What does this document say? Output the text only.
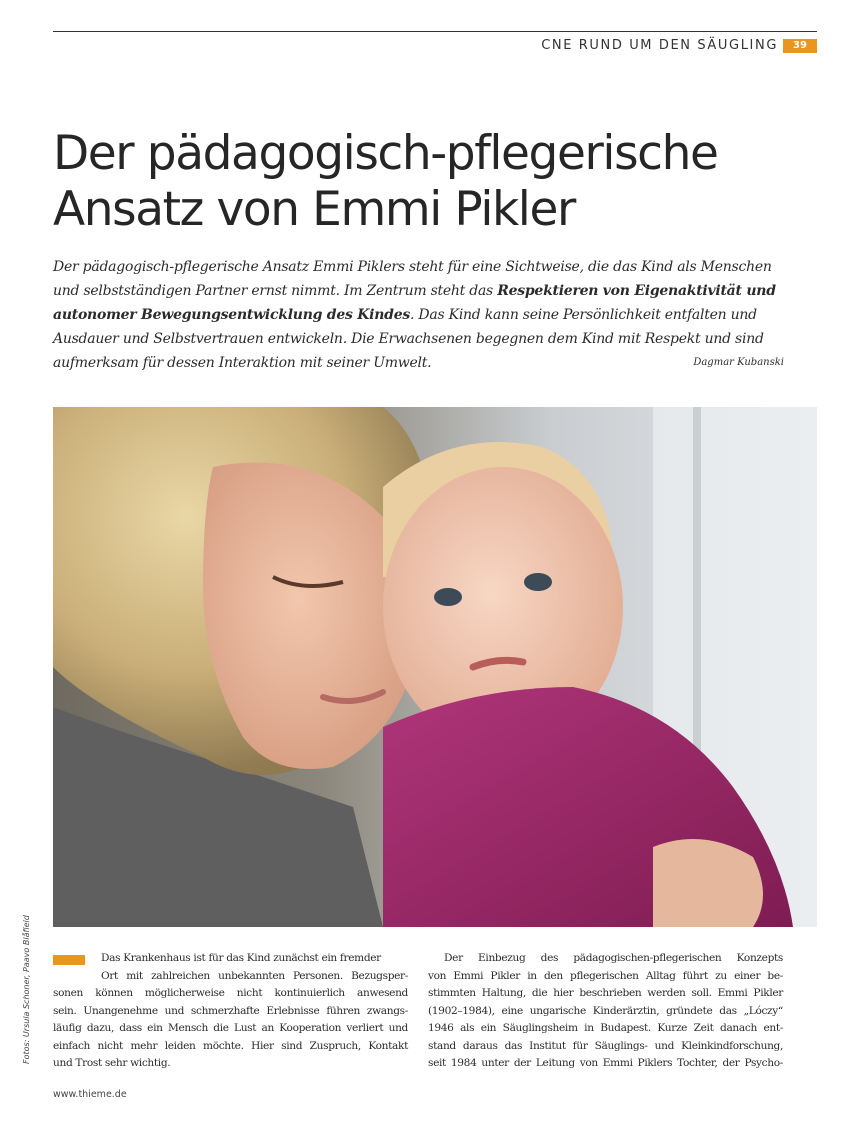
CNE RUND UM DEN SÄUGLING	39
Der pädagogisch-pflegerische
Ansatz von Emmi Pikler

Der pädagogisch-pflegerische Ansatz Emmi Piklers steht für eine Sichtweise, die das Kind als Menschen
und selbstständigen Partner ernst nimmt. Im Zentrum steht das Respektieren von Eigenaktivität und
autonomer Bewegungsentwicklung des Kindes. Das Kind kann seine Persönlichkeit entfalten und
Ausdauer und Selbstvertrauen entwickeln. Die Erwachsenen begegnen dem Kind mit Respekt und sind
aufmerksam für dessen Interaktion mit seiner Umwelt.	Dagmar Kubanski
Fotos: Ursula Schoner, Paavo Blåfield	Das Krankenhaus ist für das Kind zunächst ein fremder
Ort mit zahlreichen unbekannten Personen. Bezugsper-
sonen können möglicherweise nicht kontinuierlich anwesend
sein. Unangenehme und schmerzhafte Erlebnisse führen zwangs-
läufig dazu, dass ein Mensch die Lust an Kooperation verliert und
einfach nicht mehr leiden möchte. Hier sind Zuspruch, Kontakt
und Trost sehr wichtig.
Der Einbezug des pädagogischen-pflegerischen Konzepts
von Emmi Pikler in den pflegerischen Alltag führt zu einer be-
stimmten Haltung, die hier beschrieben werden soll. Emmi Pikler
(1902–1984), eine ungarische Kinderärztin, gründete das „Lóczy“
1946 als ein Säuglingsheim in Budapest. Kurze Zeit danach ent-
stand daraus das Institut für Säuglings- und Kleinkindforschung,
seit 1984 unter der Leitung von Emmi Piklers Tochter, der Psycho-
www.thieme.de
